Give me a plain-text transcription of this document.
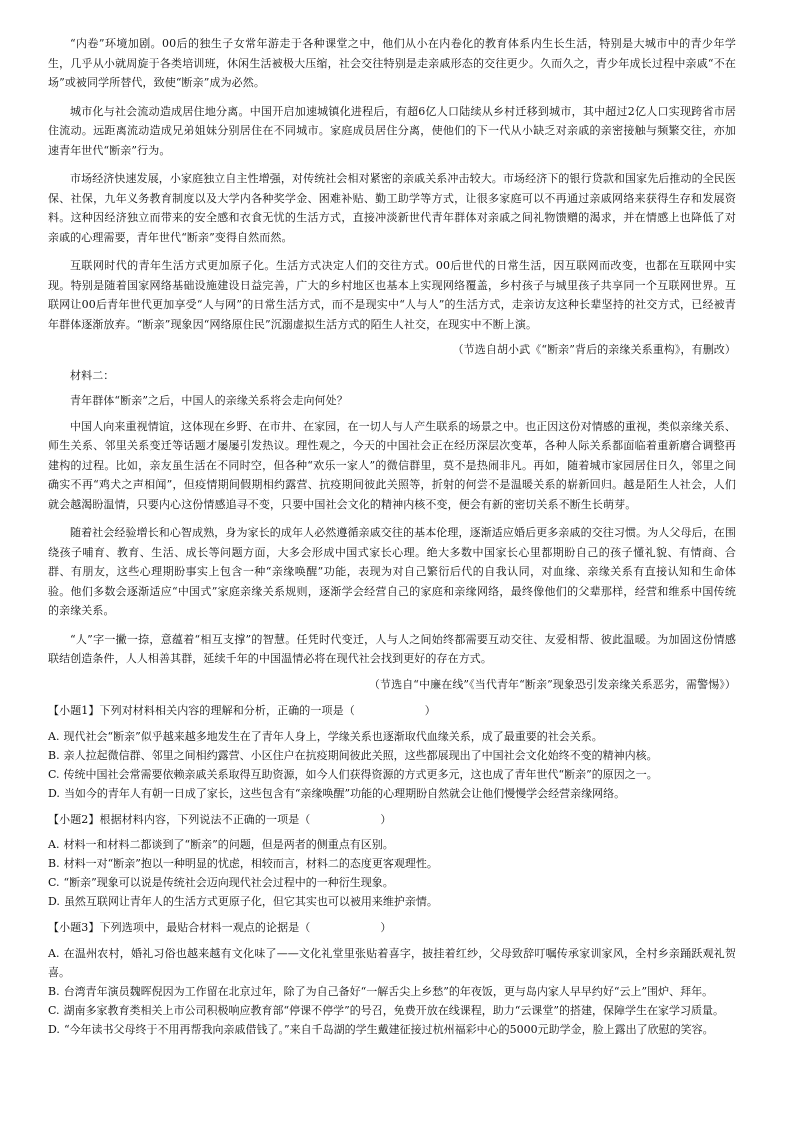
“内卷”环境加剧。00后的独生子女常年游走于各种课堂之中，他们从小在内卷化的教育体系内生长生活，特别是大城市中的青少年学生，几乎从小就周旋于各类培训班，休闲生活被极大压缩，社会交往特别是走亲戚形态的交往更少。久而久之，青少年成长过程中亲戚“不在场”或被同学所替代，致使“断亲”成为必然。

城市化与社会流动造成居住地分离。中国开启加速城镇化进程后，有超6亿人口陆续从乡村迁移到城市，其中超过2亿人口实现跨省市居住流动。远距离流动造成兄弟姐妹分别居住在不同城市。家庭成员居住分离，使他们的下一代从小缺乏对亲戚的亲密接触与频繁交往，亦加速青年世代“断亲”行为。

市场经济快速发展，小家庭独立自主性增强，对传统社会相对紧密的亲戚关系冲击较大。市场经济下的银行贷款和国家先后推动的全民医保、社保，九年义务教育制度以及大学内各种奖学金、困难补贴、勤工助学等方式，让很多家庭可以不再通过亲戚网络来获得生存和发展资料。这种因经济独立而带来的安全感和衣食无忧的生活方式，直接冲淡新世代青年群体对亲戚之间礼物馈赠的渴求，并在情感上也降低了对亲戚的心理需要，青年世代“断亲”变得自然而然。

互联网时代的青年生活方式更加原子化。生活方式决定人们的交往方式。00后世代的日常生活，因互联网而改变，也都在互联网中实现。特别是随着国家网络基础设施建设日益完善，广大的乡村地区也基本上实现网络覆盖，乡村孩子与城里孩子共享同一个互联网世界。互联网让00后青年世代更加享受“人与网”的日常生活方式，而不是现实中“人与人”的生活方式，走亲访友这种长辈坚持的社交方式，已经被青年群体逐渐放弃。“断亲”现象因“网络原住民”沉溺虚拟生活方式的陌生人社交，在现实中不断上演。

（节选自胡小武《“断亲”背后的亲缘关系重构》，有删改）

材料二：

青年群体“断亲”之后，中国人的亲缘关系将会走向何处？

中国人向来重视情谊，这体现在乡野、在市井、在家园，在一切人与人产生联系的场景之中。也正因这份对情感的重视，类似亲缘关系、师生关系、邻里关系变迁等话题才屡屡引发热议。理性观之，今天的中国社会正在经历深层次变革，各种人际关系都面临着重新磨合调整再建构的过程。比如，亲友虽生活在不同时空，但各种“欢乐一家人”的微信群里，莫不是热闹非凡。再如，随着城市家园居住日久，邻里之间确实不再“鸡犬之声相闻”，但疫情期间假期相约露营、抗疫期间彼此关照等，折射的何尝不是温暖关系的崭新回归。越是陌生人社会，人们就会越渴盼温情，只要内心这份情感追寻不变，只要中国社会文化的精神内核不变，便会有新的密切关系不断生长萌芽。

随着社会经验增长和心智成熟，身为家长的成年人必然遵循亲戚交往的基本伦理，逐渐适应婚后更多亲戚的交往习惯。为人父母后，在围绕孩子哺育、教育、生活、成长等问题方面，大多会形成中国式家长心理。绝大多数中国家长心里都期盼自己的孩子懂礼貌、有情商、合群、有朋友，这些心理期盼事实上包含一种“亲缘唤醒”功能，表现为对自己繁衍后代的自我认同，对血缘、亲缘关系有直接认知和生命体验。他们多数会逐渐适应“中国式”家庭亲缘关系规则，逐渐学会经营自己的家庭和亲缘网络，最终像他们的父辈那样，经营和维系中国传统的亲缘关系。

“人”字一撇一捺，意蕴着“相互支撑”的智慧。任凭时代变迁，人与人之间始终都需要互动交往、友爱相帮、彼此温暖。为加固这份情感联结创造条件，人人相善其群，延续千年的中国温情必将在现代社会找到更好的存在方式。

（节选自“中廉在线”《当代青年“断亲”现象恐引发亲缘关系恶劣，需警惕》）

【小题1】下列对材料相关内容的理解和分析，正确的一项是（	）

A. 现代社会“断亲”似乎越来越多地发生在了青年人身上，学缘关系也逐渐取代血缘关系，成了最重要的社会关系。
B. 亲人拉起微信群、邻里之间相约露营、小区住户在抗疫期间彼此关照，这些都展现出了中国社会文化始终不变的精神内核。
C. 传统中国社会常需要依赖亲戚关系取得互助资源，如今人们获得资源的方式更多元，这也成了青年世代“断亲”的原因之一。
D. 当如今的青年人有朝一日成了家长，这些包含有“亲缘唤醒”功能的心理期盼自然就会让他们慢慢学会经营亲缘网络。

【小题2】根据材料内容，下列说法不正确的一项是（	）

A. 材料一和材料二都谈到了“断亲”的问题，但是两者的侧重点有区别。
B. 材料一对“断亲”抱以一种明显的忧虑，相较而言，材料二的态度更客观理性。
C. “断亲”现象可以说是传统社会迈向现代社会过程中的一种衍生现象。
D. 虽然互联网让青年人的生活方式更原子化，但它其实也可以被用来维护亲情。

【小题3】下列选项中，最贴合材料一观点的论据是（	）

A. 在温州农村，婚礼习俗也越来越有文化味了——文化礼堂里张贴着喜字，披挂着红纱，父母致辞叮嘱传承家训家风，全村乡亲踊跃观礼贺喜。
B. 台湾青年演员魏晖倪因为工作留在北京过年，除了为自己备好“一解舌尖上乡愁”的年夜饭，更与岛内家人早早约好“云上”围炉、拜年。
C. 湖南多家教育类相关上市公司积极响应教育部“停课不停学”的号召，免费开放在线课程，助力“云课堂”的搭建，保障学生在家学习质量。
D. “今年读书父母终于不用再帮我向亲戚借钱了。”来自千岛湖的学生戴建征接过杭州福彩中心的5000元助学金，脸上露出了欣慰的笑容。
